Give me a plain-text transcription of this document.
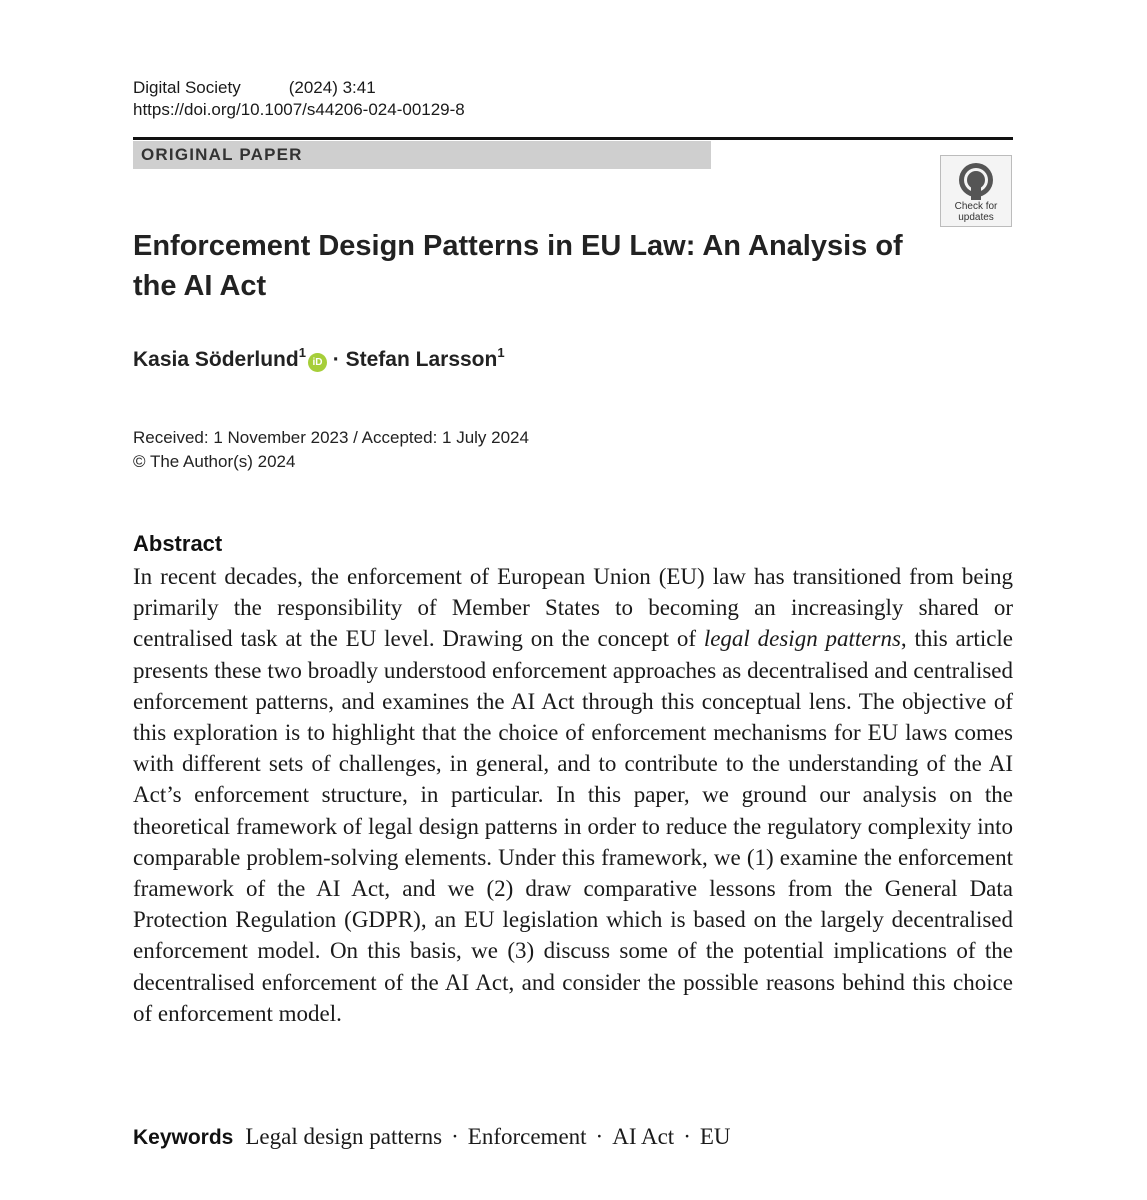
Digital Society	(2024) 3:41
https://doi.org/10.1007/s44206-024-00129-8
ORIGINAL PAPER
Check for
updates
Enforcement Design Patterns in EU Law: An Analysis of the AI Act
Kasia Söderlund$^1$iD · Stefan Larsson$^1$
Received: 1 November 2023 / Accepted: 1 July 2024
© The Author(s) 2024
Abstract

In recent decades, the enforcement of European Union (EU) law has transitioned from being primarily the responsibility of Member States to becoming an increasingly shared or centralised task at the EU level. Drawing on the concept of legal design patterns, this article presents these two broadly understood enforcement approaches as decentralised and centralised enforcement patterns, and examines the AI Act through this conceptual lens. The objective of this exploration is to highlight that the choice of enforcement mechanisms for EU laws comes with different sets of challenges, in general, and to contribute to the understanding of the AI Act’s enforcement structure, in particular. In this paper, we ground our analysis on the theoretical framework of legal design patterns in order to reduce the regulatory complexity into comparable problem-solving elements. Under this framework, we (1) examine the enforcement framework of the AI Act, and we (2) draw comparative lessons from the General Data Protection Regulation (GDPR), an EU legislation which is based on the largely decentralised enforcement model. On this basis, we (3) discuss some of the potential implications of the decentralised enforcement of the AI Act, and consider the possible reasons behind this choice of enforcement model.

Keywords Legal design patterns · Enforcement · AI Act · EU
